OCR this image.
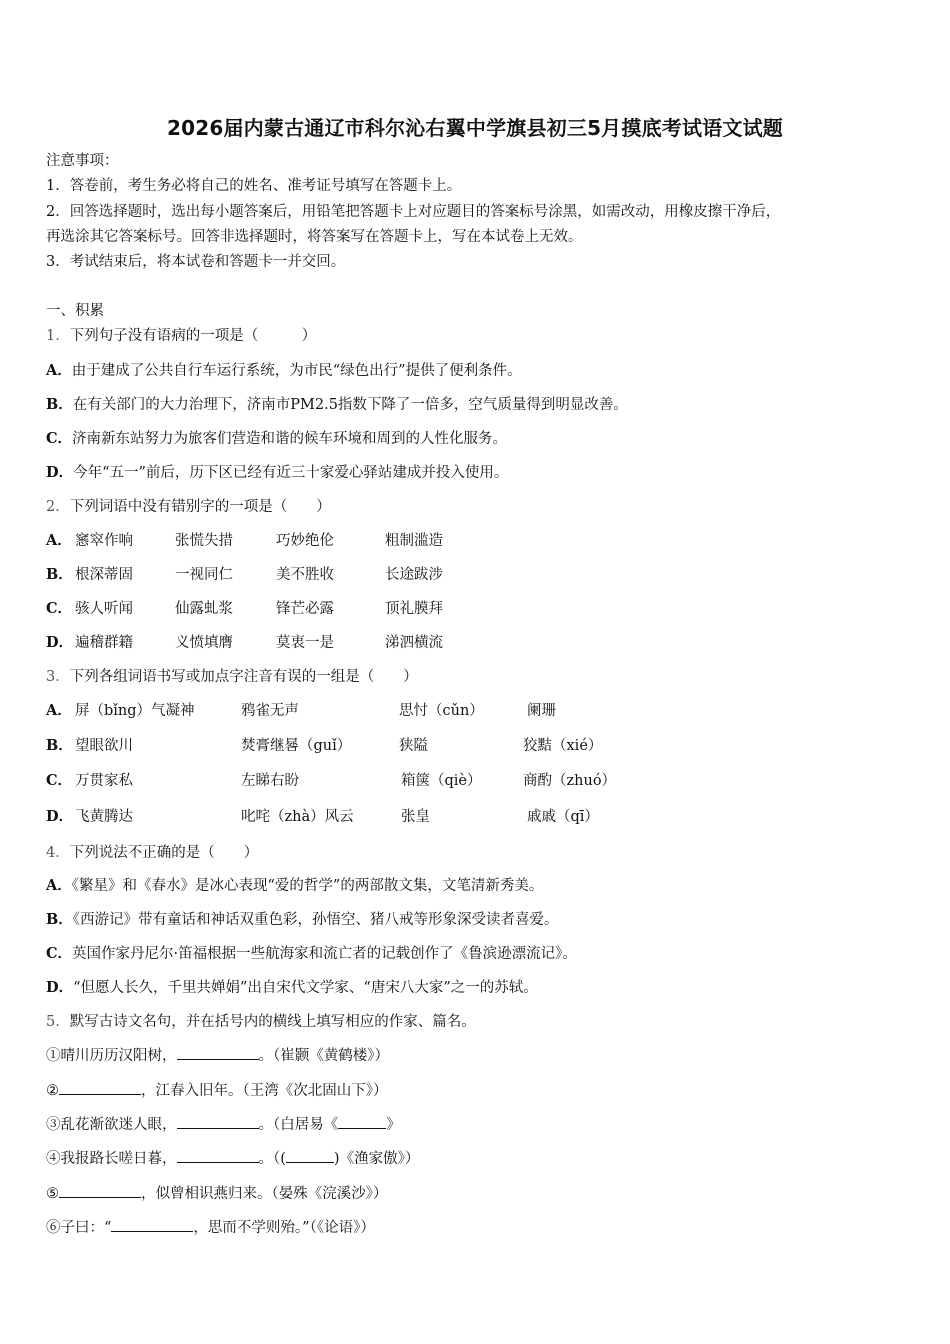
2026届内蒙古通辽市科尔沁右翼中学旗县初三5月摸底考试语文试题
注意事项：
1．答卷前，考生务必将自己的姓名、准考证号填写在答题卡上。
2．回答选择题时，选出每小题答案后，用铅笔把答题卡上对应题目的答案标号涂黑，如需改动，用橡皮擦干净后，
再选涂其它答案标号。回答非选择题时，将答案写在答题卡上，写在本试卷上无效。
3．考试结束后，将本试卷和答题卡一并交回。
一、积累
1．下列句子没有语病的一项是（　　　）
A．由于建成了公共自行车运行系统，为市民“绿色出行”提供了便利条件。
B．在有关部门的大力治理下，济南市PM2.5指数下降了一倍多，空气质量得到明显改善。
C．济南新东站努力为旅客们营造和谐的候车环境和周到的人性化服务。
D．今年“五一”前后，历下区已经有近三十家爱心驿站建成并投入使用。
2．下列词语中没有错别字的一项是（　　）
A． 窸窣作响	张慌失措	巧妙绝伦	粗制滥造
B． 根深蒂固	一视同仁	美不胜收	长途跋涉
C． 骇人听闻	仙露虬浆	锋芒必露	顶礼膜拜
D． 遍稽群籍	义愤填膺	莫衷一是	涕泗横流
3．下列各组词语书写或加点字注音有误的一组是（　　）
A． 屏（bǐng）气凝神	鸦雀无声	思忖（cǔn）	阑珊
B． 望眼欲川	焚膏继晷（guǐ）	狭隘	狡黠（xié）
C． 万贯家私	左睇右盼	箱箧（qiè）	商酌（zhuó）
D． 飞黄腾达	叱咤（zhà）风云	张皇	戚戚（qī）
4．下列说法不正确的是（　　）
A．《繁星》和《春水》是冰心表现“爱的哲学”的两部散文集，文笔清新秀美。
B．《西游记》带有童话和神话双重色彩，孙悟空、猪八戒等形象深受读者喜爱。
C．英国作家丹尼尔·笛福根据一些航海家和流亡者的记载创作了《鲁滨逊漂流记》。
D．“但愿人长久，千里共婵娟”出自宋代文学家、“唐宋八大家”之一的苏轼。
5．默写古诗文名句，并在括号内的横线上填写相应的作家、篇名。
①晴川历历汉阳树，	。（崔颢《黄鹤楼》）
②	，江春入旧年。（王湾《次北固山下》）
③乱花渐欲迷人眼，	。（白居易《	》
④我报路长嗟日暮，	。（(	)《渔家傲》）
⑤	，似曾相识燕归来。（晏殊《浣溪沙》）
⑥子曰：“	，思而不学则殆。”（《论语》）
